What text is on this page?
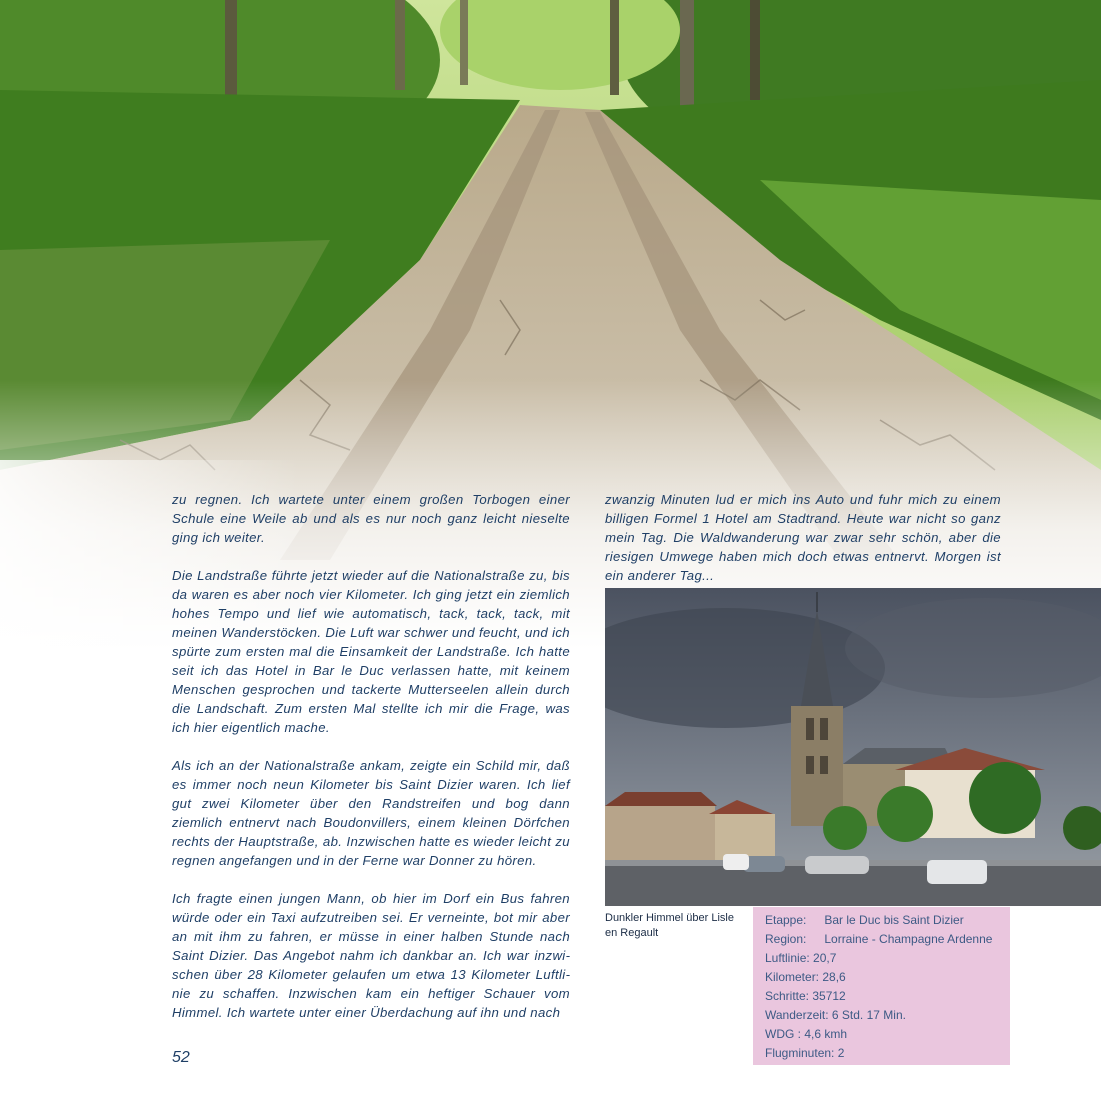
zu regnen. Ich wartete unter einem großen Torbogen einer Schule eine Weile ab und als es nur noch ganz leicht nieselte ging ich weiter.

Die Landstraße führte jetzt wieder auf die Nationalstraße zu, bis da waren es aber noch vier Kilometer. Ich ging jetzt ein ziemlich hohes Tempo und lief wie automatisch, tack, tack, tack, mit meinen Wanderstöcken. Die Luft war schwer und feucht, und ich spürte zum ersten mal die Einsamkeit der Landstraße. Ich hatte seit ich das Hotel in Bar le Duc verlassen hatte, mit keinem Menschen gesprochen und tackerte Mutterseelen allein durch die Landschaft. Zum ersten Mal stellte ich mir die Frage, was ich hier eigentlich mache.

Als ich an der Nationalstraße ankam, zeigte ein Schild mir, daß es immer noch neun Kilometer bis Saint Dizier waren. Ich lief gut zwei Kilometer über den Randstreifen und bog dann ziemlich entnervt nach Boudonvillers, einem kleinen Dörfchen rechts der Hauptstraße, ab. Inzwischen hatte es wieder leicht zu regnen angefangen und in der Ferne war Donner zu hören.

Ich fragte einen jungen Mann, ob hier im Dorf ein Bus fahren würde oder ein Taxi aufzutreiben sei. Er verneinte, bot mir aber an mit ihm zu fahren, er müsse in einer halben Stunde nach Saint Dizier. Das Angebot nahm ich dankbar an. Ich war inzwischen über 28 Kilometer gelaufen um etwa 13 Kilometer Luftlinie zu schaffen. Inzwischen kam ein heftiger Schauer vom Himmel. Ich wartete unter einer Überdachung auf ihn und nach

zwanzig Minuten lud er mich ins Auto und fuhr mich zu einem billigen Formel 1 Hotel am Stadtrand. Heute war nicht so ganz mein Tag. Die Waldwanderung war zwar sehr schön, aber die riesigen Umwege haben mich doch etwas entnervt. Morgen ist ein anderer Tag...

Dunkler Himmel über Lisle en Regault
Etappe: Bar le Duc bis Saint Dizier
Region: Lorraine - Champagne Ardenne
Luftlinie: 20,7
Kilometer: 28,6
Schritte: 35712
Wanderzeit: 6 Std. 17 Min.
WDG : 4,6 kmh
Flugminuten: 2
52
